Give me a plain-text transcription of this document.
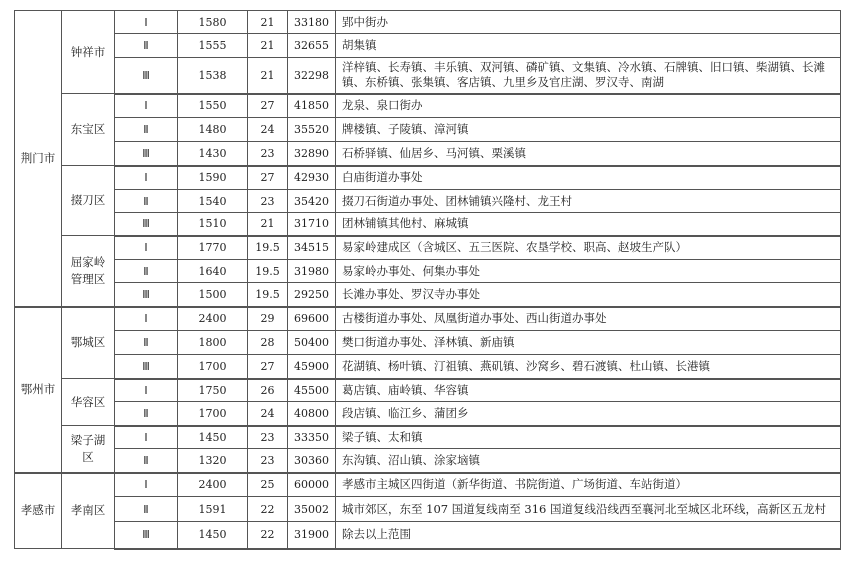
荆门市	钟祥市	Ⅰ	1580	21	33180	郢中街办
		Ⅱ	1555	21	32655	胡集镇
		Ⅲ	1538	21	32298	洋梓镇、长寿镇、丰乐镇、双河镇、磷矿镇、文集镇、冷水镇、石牌镇、旧口镇、柴湖镇、长滩镇、东桥镇、张集镇、客店镇、九里乡及官庄湖、罗汉寺、南湖
	东宝区	Ⅰ	1550	27	41850	龙泉、泉口街办
		Ⅱ	1480	24	35520	牌楼镇、子陵镇、漳河镇
		Ⅲ	1430	23	32890	石桥驿镇、仙居乡、马河镇、栗溪镇
	掇刀区	Ⅰ	1590	27	42930	白庙街道办事处
		Ⅱ	1540	23	35420	掇刀石街道办事处、团林铺镇兴隆村、龙王村
		Ⅲ	1510	21	31710	团林铺镇其他村、麻城镇
	屈家岭管理区	Ⅰ	1770	19.5	34515	易家岭建成区（含城区、五三医院、农垦学校、职高、赵坡生产队）
		Ⅱ	1640	19.5	31980	易家岭办事处、何集办事处
		Ⅲ	1500	19.5	29250	长滩办事处、罗汉寺办事处
鄂州市	鄂城区	Ⅰ	2400	29	69600	古楼街道办事处、凤凰街道办事处、西山街道办事处
		Ⅱ	1800	28	50400	樊口街道办事处、泽林镇、新庙镇
		Ⅲ	1700	27	45900	花湖镇、杨叶镇、汀祖镇、燕矶镇、沙窝乡、碧石渡镇、杜山镇、长港镇
	华容区	Ⅰ	1750	26	45500	葛店镇、庙岭镇、华容镇
		Ⅱ	1700	24	40800	段店镇、临江乡、蒲团乡
	梁子湖区	Ⅰ	1450	23	33350	梁子镇、太和镇
		Ⅱ	1320	23	30360	东沟镇、沼山镇、涂家垴镇
孝感市	孝南区	Ⅰ	2400	25	60000	孝感市主城区四街道（新华街道、书院街道、广场街道、车站街道）
		Ⅱ	1591	22	35002	城市郊区，东至 107 国道复线南至 316 国道复线沿线西至襄河北至城区北环线，高新区五龙村
		Ⅲ	1450	22	31900	除去以上范围
